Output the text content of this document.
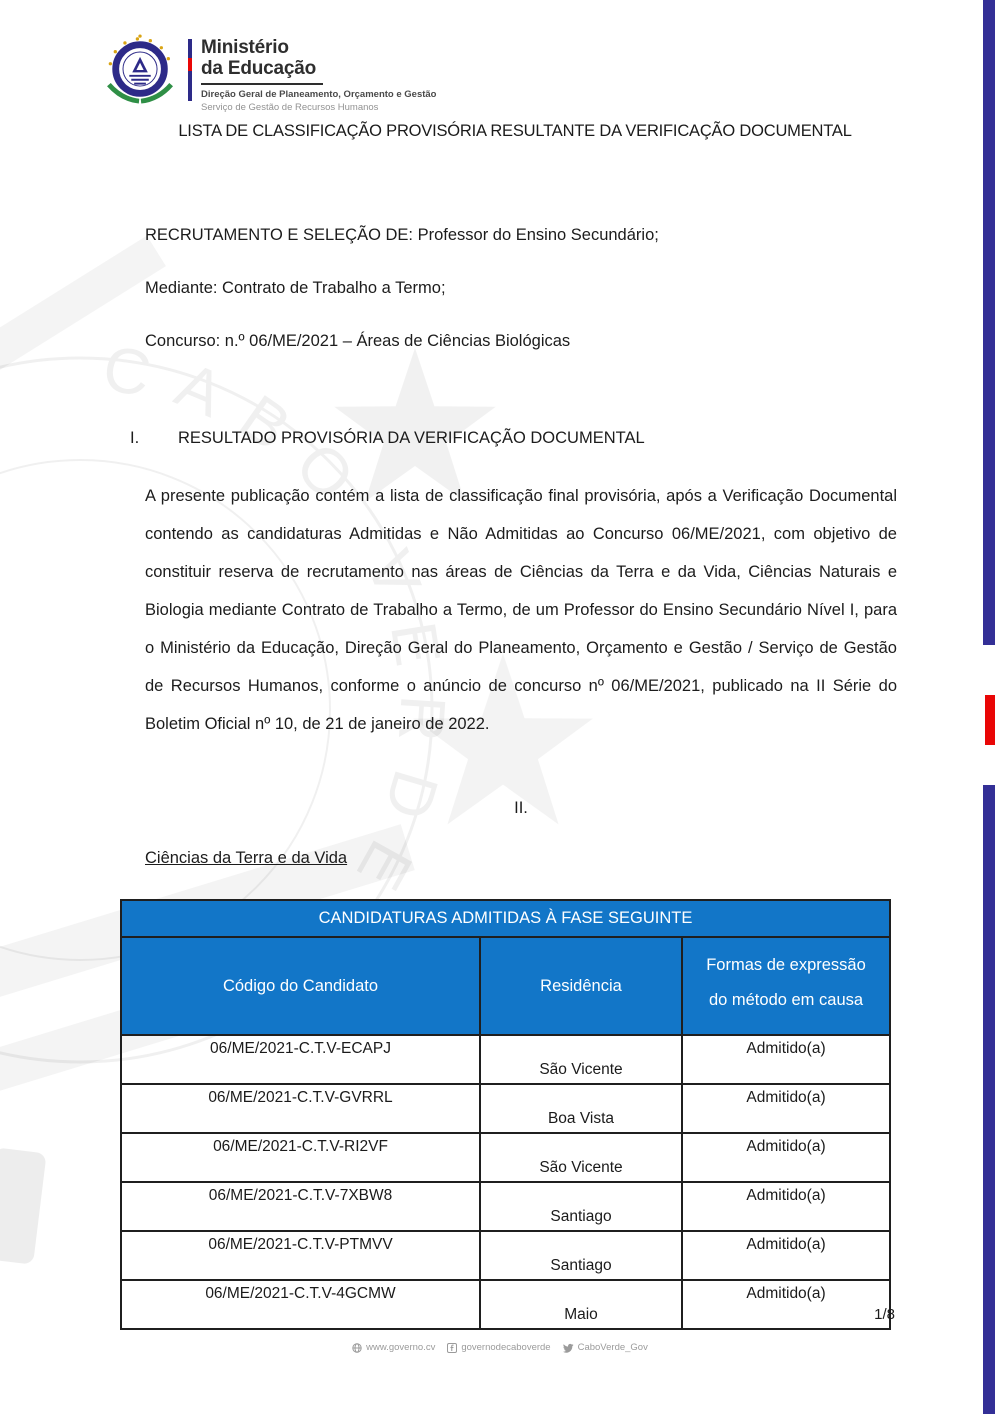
CABO VERDE
Ministério
da Educação
Direção Geral de Planeamento, Orçamento e Gestão
Serviço de Gestão de Recursos Humanos
LISTA DE CLASSIFICAÇÃO PROVISÓRIA RESULTANTE DA VERIFICAÇÃO DOCUMENTAL

RECRUTAMENTO E SELEÇÃO DE: Professor do Ensino Secundário;

Mediante: Contrato de Trabalho a Termo;

Concurso: n.º 06/ME/2021 – Áreas de Ciências Biológicas

I.	RESULTADO PROVISÓRIA DA VERIFICAÇÃO DOCUMENTAL
A presente publicação contém a lista de classificação final provisória, após a Verificação Documental contendo as candidaturas Admitidas e Não Admitidas ao Concurso 06/ME/2021, com objetivo de constituir reserva de recrutamento nas áreas de Ciências da Terra e da Vida, Ciências Naturais e Biologia mediante Contrato de Trabalho a Termo, de um Professor do Ensino Secundário Nível I, para o Ministério da Educação, Direção Geral do Planeamento, Orçamento e Gestão / Serviço de Gestão de Recursos Humanos, conforme o anúncio de concurso nº 06/ME/2021, publicado na II Série do Boletim Oficial nº 10, de 21 de janeiro de 2022.
II.
Ciências da Terra e da Vida
CANDIDATURAS ADMITIDAS À FASE SEGUINTE		
Código do Candidato	Residência	Formas de expressão do método em causa
06/ME/2021-C.T.V-ECAPJ	São Vicente	Admitido(a)
06/ME/2021-C.T.V-GVRRL	Boa Vista	Admitido(a)
06/ME/2021-C.T.V-RI2VF	São Vicente	Admitido(a)
06/ME/2021-C.T.V-7XBW8	Santiago	Admitido(a)
06/ME/2021-C.T.V-PTMVV	Santiago	Admitido(a)
06/ME/2021-C.T.V-4GCMW	Maio	Admitido(a)
1/8
www.governo.cv	governodecaboverde	CaboVerde_Gov
